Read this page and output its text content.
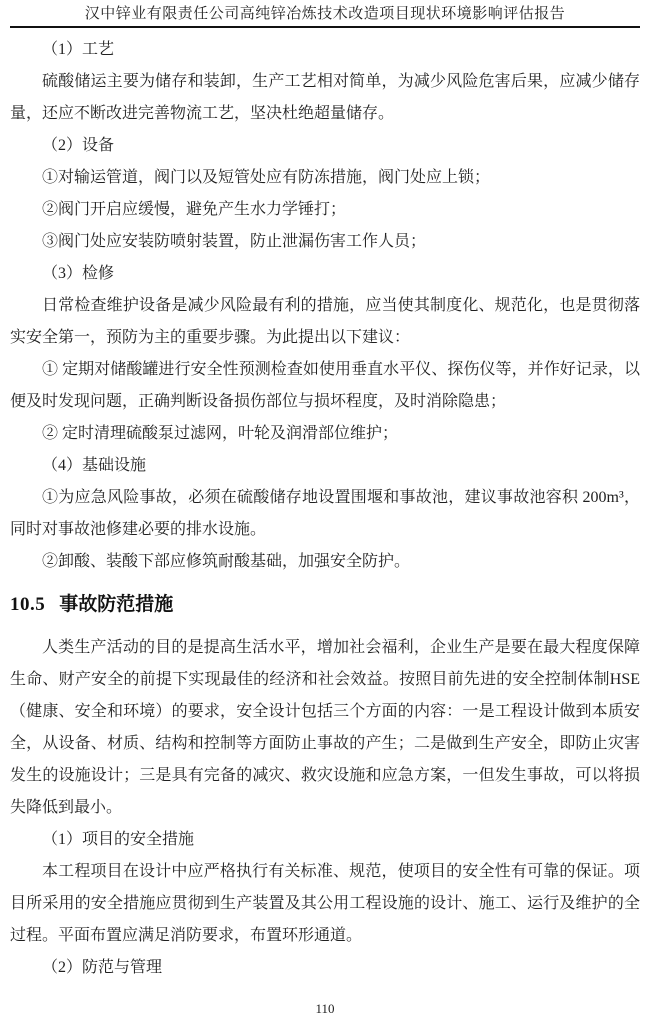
汉中锌业有限责任公司高纯锌冶炼技术改造项目现状环境影响评估报告

（1）工艺

硫酸储运主要为储存和装卸，生产工艺相对简单，为减少风险危害后果，应减少储存量，还应不断改进完善物流工艺，坚决杜绝超量储存。

（2）设备

①对输运管道，阀门以及短管处应有防冻措施，阀门处应上锁；

②阀门开启应缓慢，避免产生水力学锤打；

③阀门处应安装防喷射装置，防止泄漏伤害工作人员；

（3）检修

日常检查维护设备是减少风险最有利的措施，应当使其制度化、规范化，也是贯彻落实安全第一，预防为主的重要步骤。为此提出以下建议：

① 定期对储酸罐进行安全性预测检查如使用垂直水平仪、探伤仪等，并作好记录，以便及时发现问题，正确判断设备损伤部位与损坏程度，及时消除隐患；

② 定时清理硫酸泵过滤网，叶轮及润滑部位维护；

（4）基础设施

①为应急风险事故，必须在硫酸储存地设置围堰和事故池，建议事故池容积 200m³，同时对事故池修建必要的排水设施。

②卸酸、装酸下部应修筑耐酸基础，加强安全防护。

10.5 事故防范措施

人类生产活动的目的是提高生活水平，增加社会福利，企业生产是要在最大程度保障生命、财产安全的前提下实现最佳的经济和社会效益。按照目前先进的安全控制体制HSE（健康、安全和环境）的要求，安全设计包括三个方面的内容：一是工程设计做到本质安全，从设备、材质、结构和控制等方面防止事故的产生；二是做到生产安全，即防止灾害发生的设施设计；三是具有完备的减灾、救灾设施和应急方案，一但发生事故，可以将损失降低到最小。

（1）项目的安全措施

本工程项目在设计中应严格执行有关标准、规范，使项目的安全性有可靠的保证。项目所采用的安全措施应贯彻到生产装置及其公用工程设施的设计、施工、运行及维护的全过程。平面布置应满足消防要求，布置环形通道。

（2）防范与管理

110
